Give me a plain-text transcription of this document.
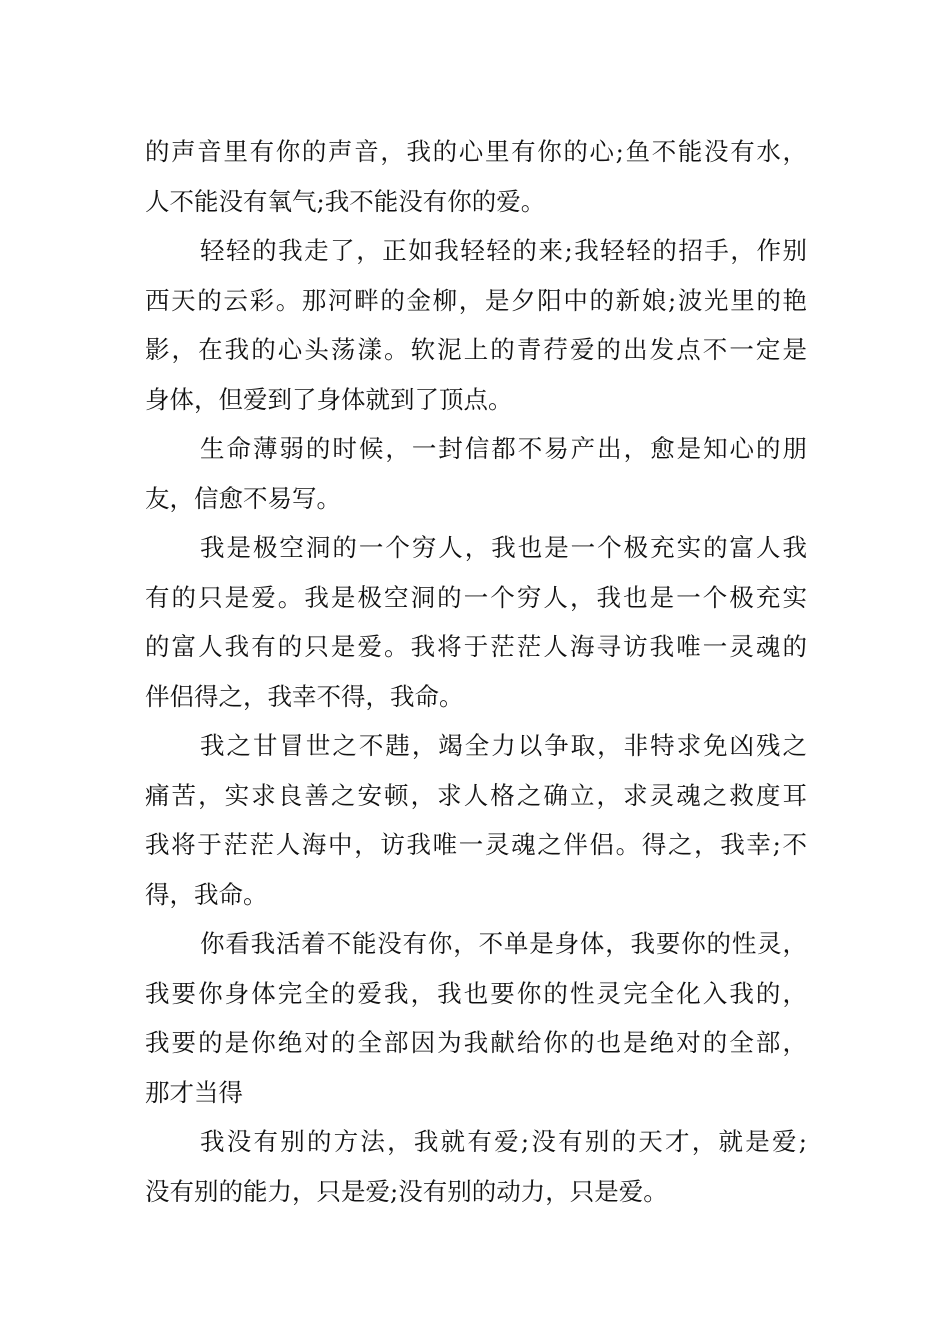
的声音里有你的声音，我的心里有你的心;鱼不能没有水，
人不能没有氧气;我不能没有你的爱。
轻轻的我走了，正如我轻轻的来;我轻轻的招手，作别
西天的云彩。那河畔的金柳，是夕阳中的新娘;波光里的艳
影，在我的心头荡漾。软泥上的青荇爱的出发点不一定是
身体，但爱到了身体就到了顶点。
生命薄弱的时候，一封信都不易产出，愈是知心的朋
友，信愈不易写。
我是极空洞的一个穷人，我也是一个极充实的富人我
有的只是爱。我是极空洞的一个穷人，我也是一个极充实
的富人我有的只是爱。我将于茫茫人海寻访我唯一灵魂的
伴侣得之，我幸不得，我命。
我之甘冒世之不韪，竭全力以争取，非特求免凶残之
痛苦，实求良善之安顿，求人格之确立，求灵魂之救度耳
我将于茫茫人海中，访我唯一灵魂之伴侣。得之，我幸;不
得，我命。
你看我活着不能没有你，不单是身体，我要你的性灵，
我要你身体完全的爱我，我也要你的性灵完全化入我的，
我要的是你绝对的全部因为我献给你的也是绝对的全部，
那才当得
我没有别的方法，我就有爱;没有别的天才，就是爱;
没有别的能力，只是爱;没有别的动力，只是爱。
